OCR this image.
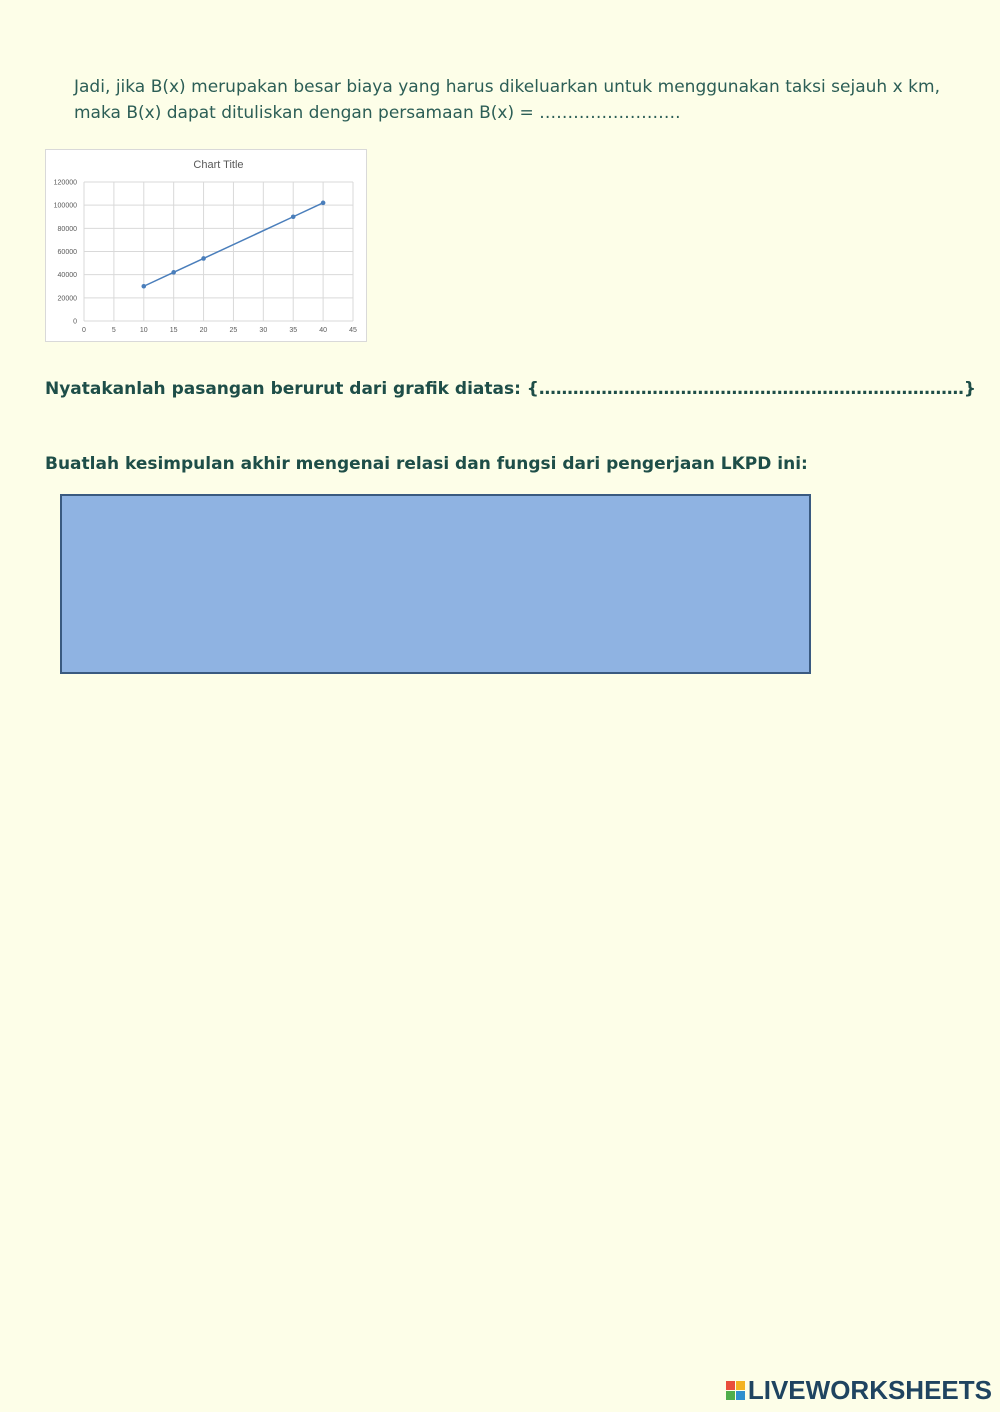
Jadi, jika B(x) merupakan besar biaya yang harus dikeluarkan untuk menggunakan taksi sejauh x km,
maka B(x) dapat dituliskan dengan persamaan B(x) = …………………….
Chart Title
0
20000
40000
60000
80000
100000
120000
0	5	10	15	20	25	30	35	40	45
Nyatakanlah pasangan berurut dari grafik diatas: {…………………………………………………………………}
Buatlah kesimpulan akhir mengenai relasi dan fungsi dari pengerjaan LKPD ini:
LIVEWORKSHEETS
